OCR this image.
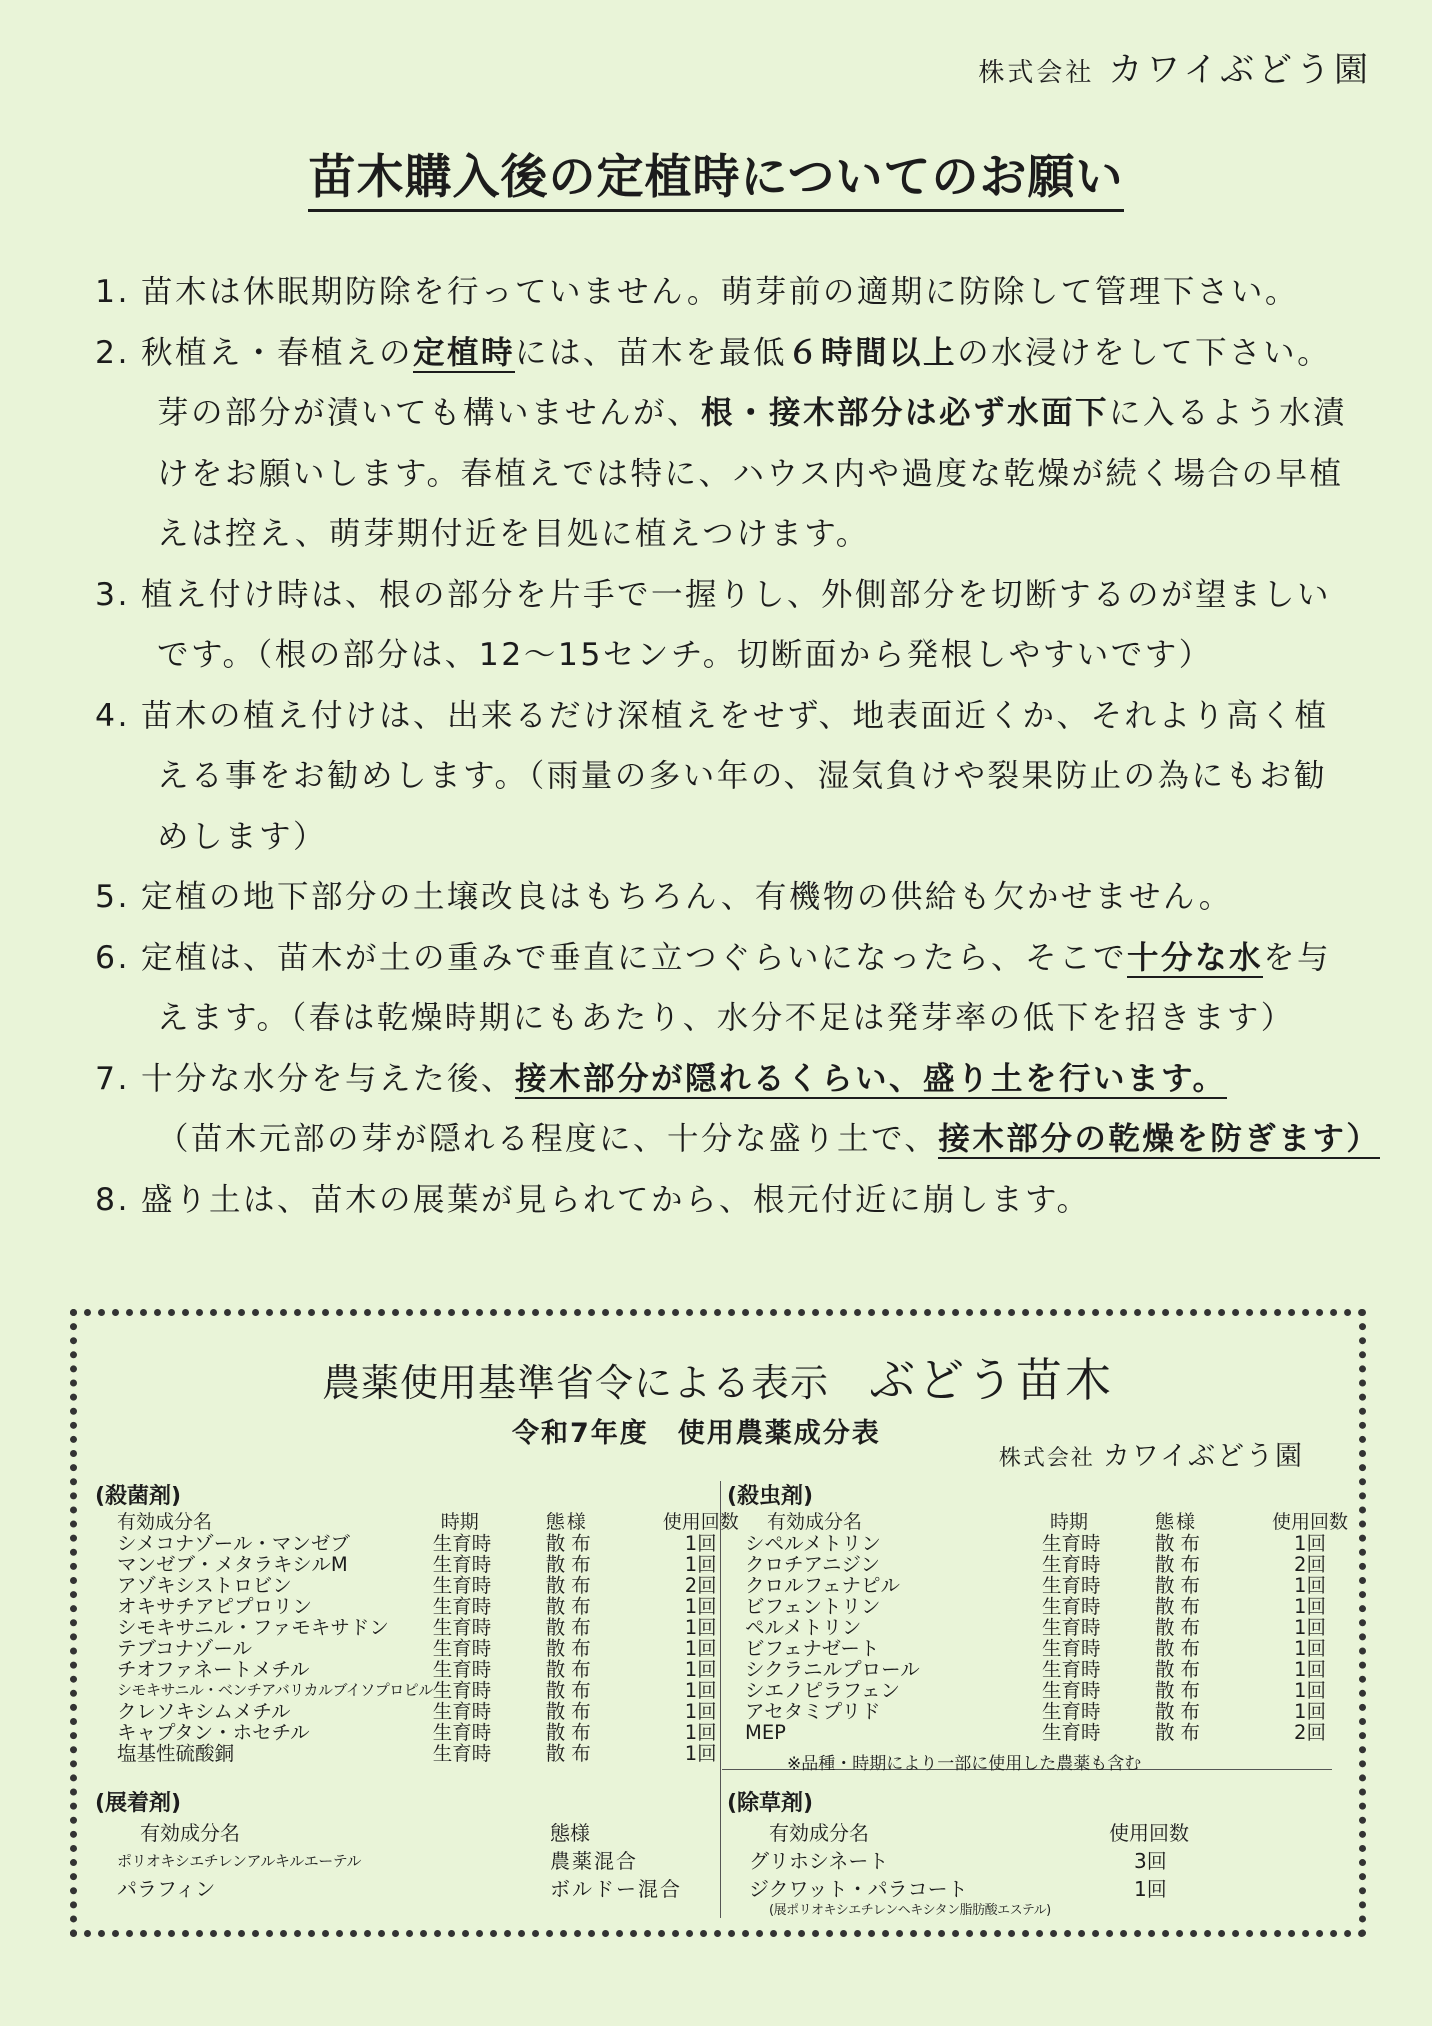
株式会社 カワイぶどう園
苗木購入後の定植時についてのお願い
1. 苗木は休眠期防除を行っていません。萌芽前の適期に防除して管理下さい。
2. 秋植え・春植えの定植時には、苗木を最低６時間以上の水浸けをして下さい。
芽の部分が漬いても構いませんが、根・接木部分は必ず水面下に入るよう水漬
けをお願いします。春植えでは特に、ハウス内や過度な乾燥が続く場合の早植
えは控え、萌芽期付近を目処に植えつけます。
3. 植え付け時は、根の部分を片手で一握りし、外側部分を切断するのが望ましい
です。（根の部分は、12～15センチ。切断面から発根しやすいです）
4. 苗木の植え付けは、出来るだけ深植えをせず、地表面近くか、それより高く植
える事をお勧めします。（雨量の多い年の、湿気負けや裂果防止の為にもお勧
めします）
5. 定植の地下部分の土壌改良はもちろん、有機物の供給も欠かせません。
6. 定植は、苗木が土の重みで垂直に立つぐらいになったら、そこで十分な水を与
えます。（春は乾燥時期にもあたり、水分不足は発芽率の低下を招きます）
7. 十分な水分を与えた後、接木部分が隠れるくらい、盛り土を行います。
（苗木元部の芽が隠れる程度に、十分な盛り土で、接木部分の乾燥を防ぎます）
8. 盛り土は、苗木の展葉が見られてから、根元付近に崩します。
農薬使用基準省令による表示 ぶどう苗木
令和7年度　使用農薬成分表
株式会社 カワイぶどう園
(殺菌剤)
有効成分名	時期	態様	使用回数
シメコナゾール・マンゼブ	生育時	散布	1回
マンゼブ・メタラキシルM	生育時	散布	1回
アゾキシストロビン	生育時	散布	2回
オキサチアピプロリン	生育時	散布	1回
シモキサニル・ファモキサドン	生育時	散布	1回
テブコナゾール	生育時	散布	1回
チオファネートメチル	生育時	散布	1回
シモキサニル・ベンチアバリカルブイソプロピル	生育時	散布	1回
クレソキシムメチル	生育時	散布	1回
キャプタン・ホセチル	生育時	散布	1回
塩基性硫酸銅	生育時	散布	1回
(殺虫剤)
有効成分名	時期	態様	使用回数
シペルメトリン	生育時	散布	1回
クロチアニジン	生育時	散布	2回
クロルフェナピル	生育時	散布	1回
ビフェントリン	生育時	散布	1回
ペルメトリン	生育時	散布	1回
ビフェナゼート	生育時	散布	1回
シクラニルプロール	生育時	散布	1回
シエノピラフェン	生育時	散布	1回
アセタミプリド	生育時	散布	1回
MEP	生育時	散布	2回
※品種・時期により一部に使用した農薬も含む
(展着剤)
有効成分名	態様
ポリオキシエチレンアルキルエーテル	農薬混合
パラフィン	ボルドー混合
(除草剤)
有効成分名	使用回数
グリホシネート	3回
ジクワット・パラコート	1回
(展ポリオキシエチレンヘキシタン脂肪酸エステル)
